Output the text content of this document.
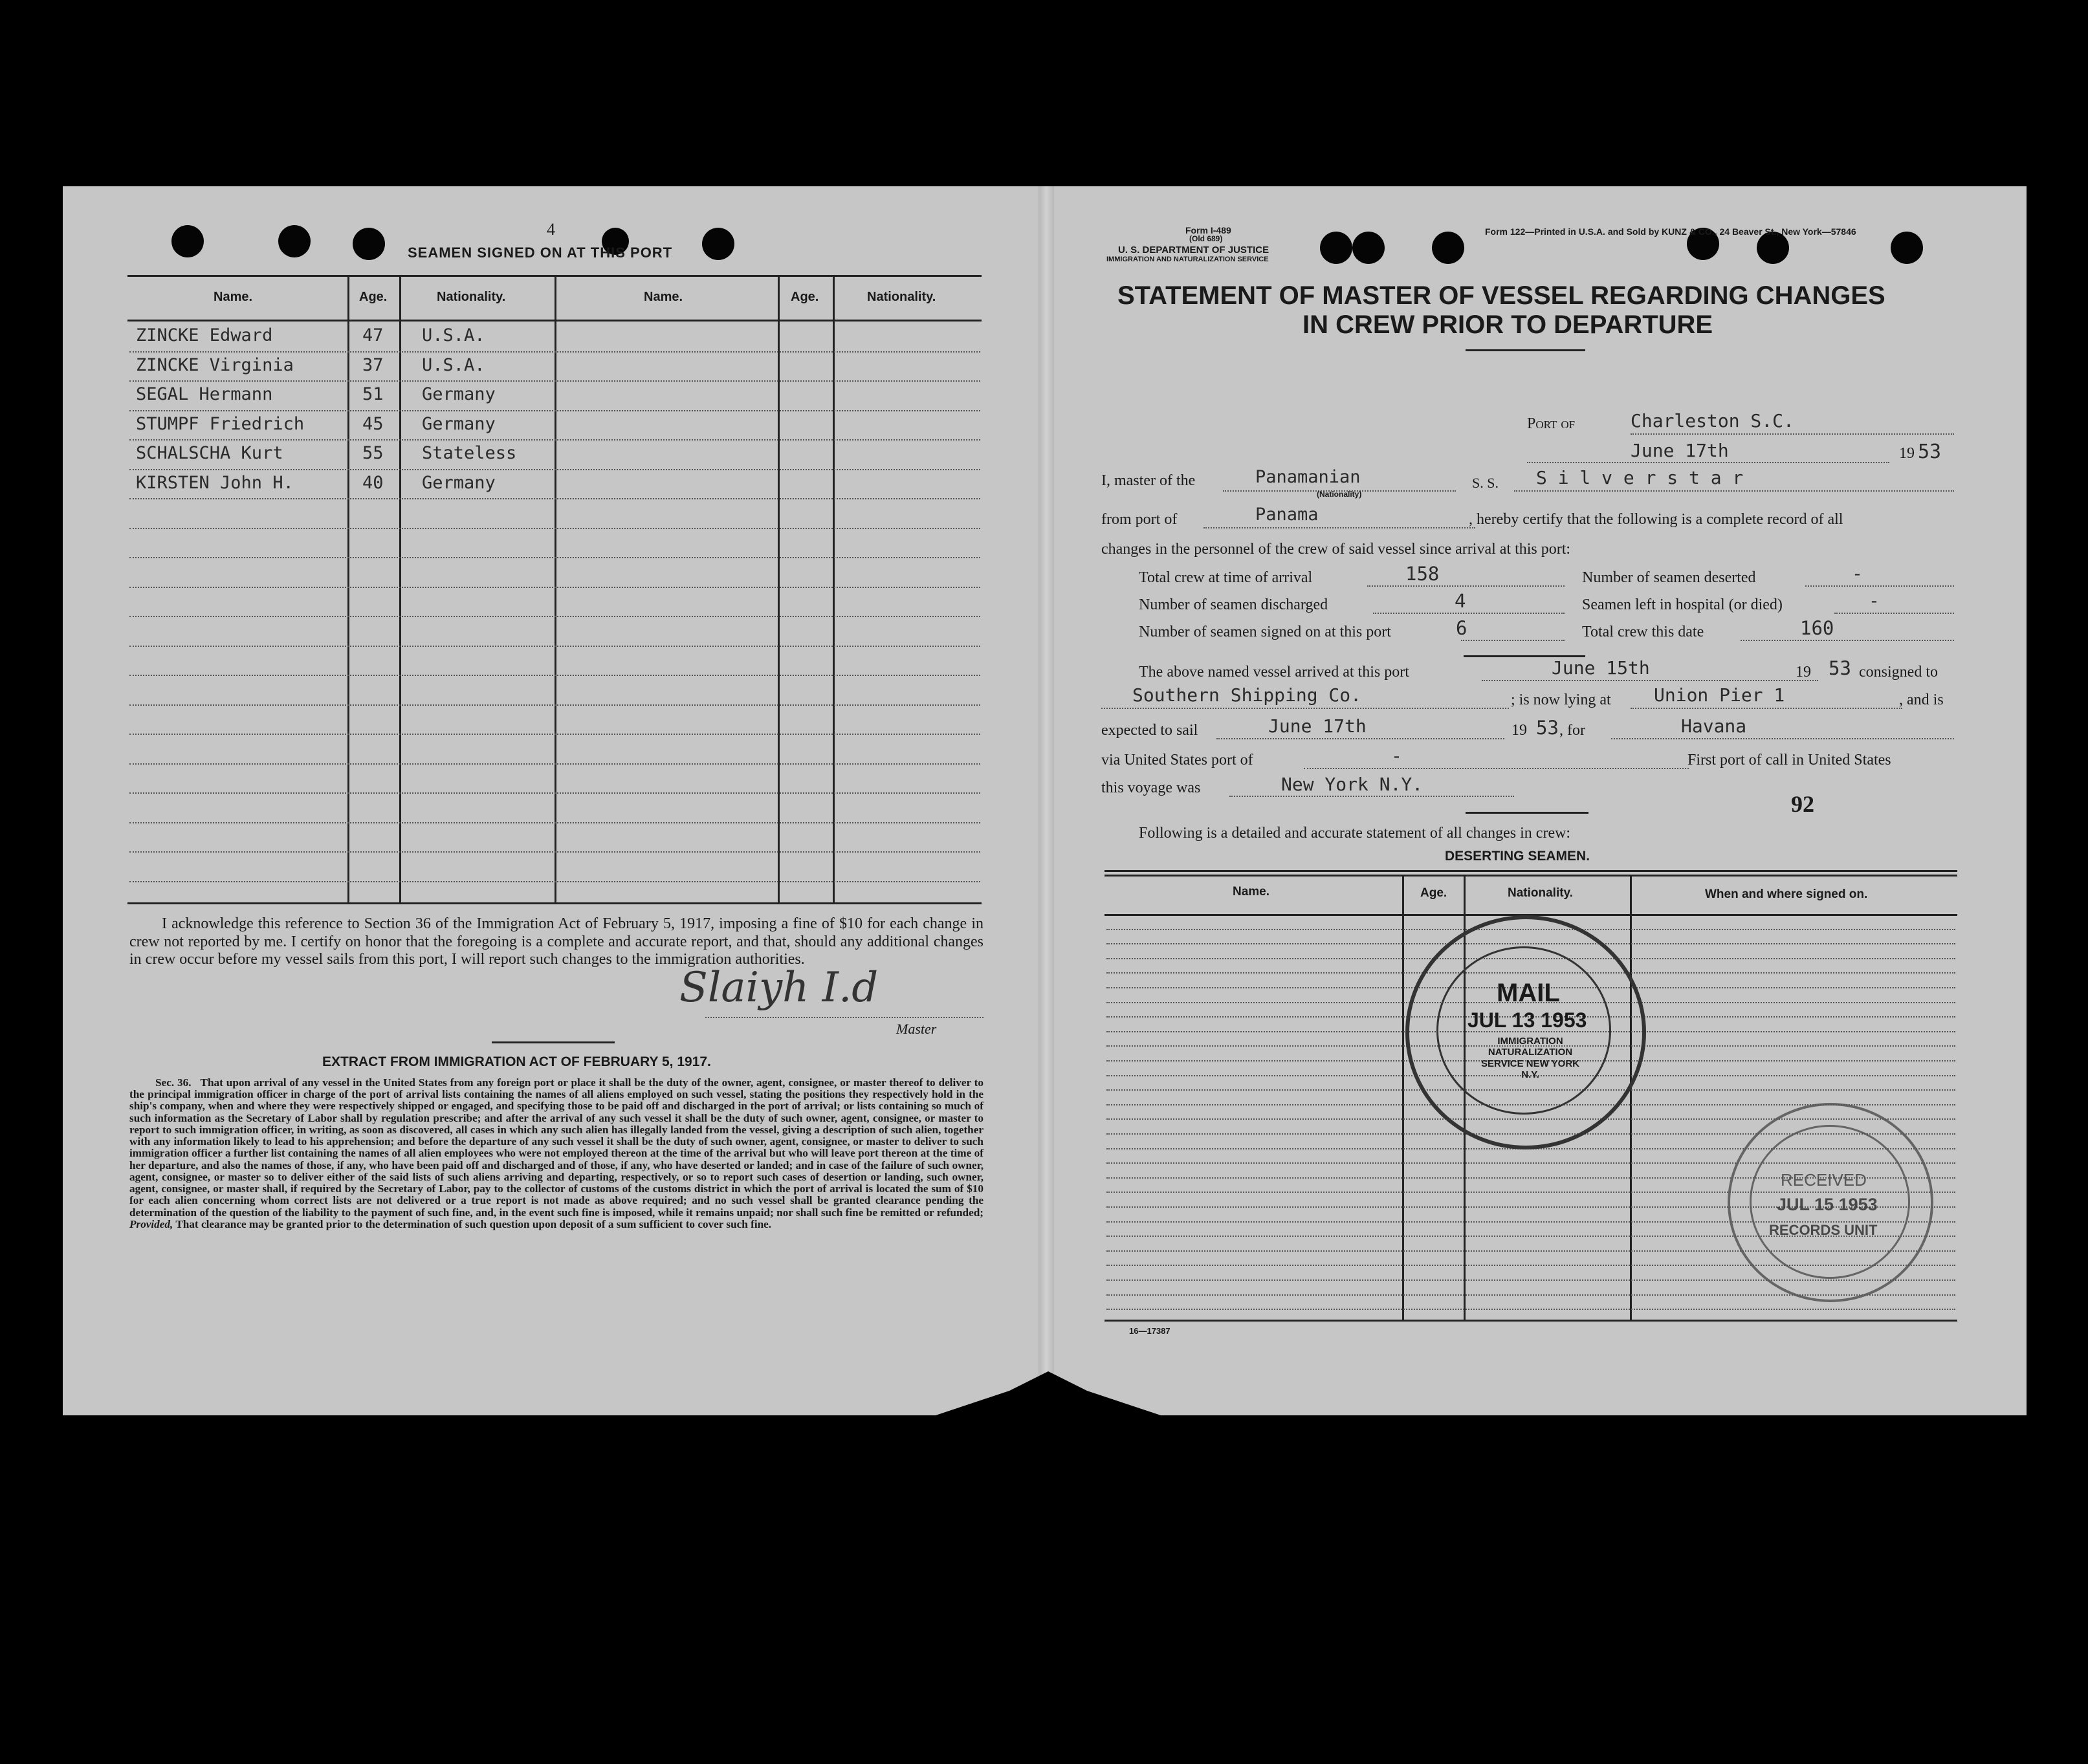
4
SEAMEN SIGNED ON AT THIS PORT
Name.	Age.	Nationality.	Name.	Age.	Nationality.
ZINCKE Edward	47 U.S.A.
ZINCKE Virginia	37 U.S.A.
SEGAL Hermann	51 Germany
STUMPF Friedrich	45 Germany
SCHALSCHA Kurt	55 Stateless
KIRSTEN John H.	40 Germany
I acknowledge this reference to Section 36 of the Immigration Act of February 5, 1917, imposing a fine of $10 for each change in crew not reported by me. I certify on honor that the foregoing is a complete and accurate report, and that, should any additional changes in crew occur before my vessel sails from this port, I will report such changes to the immigration authorities.
Slaiyh I.d
Master
EXTRACT FROM IMMIGRATION ACT OF FEBRUARY 5, 1917.
Sec. 36. That upon arrival of any vessel in the United States from any foreign port or place it shall be the duty of the owner, agent, consignee, or master thereof to deliver to the principal immigration officer in charge of the port of arrival lists containing the names of all aliens employed on such vessel, stating the positions they respectively hold in the ship's company, when and where they were respectively shipped or engaged, and specifying those to be paid off and discharged in the port of arrival; or lists containing so much of such information as the Secretary of Labor shall by regulation prescribe; and after the arrival of any such vessel it shall be the duty of such owner, agent, consignee, or master to report to such immigration officer, in writing, as soon as discovered, all cases in which any such alien has illegally landed from the vessel, giving a description of such alien, together with any information likely to lead to his apprehension; and before the departure of any such vessel it shall be the duty of such owner, agent, consignee, or master to deliver to such immigration officer a further list containing the names of all alien employees who were not employed thereon at the time of the arrival but who will leave port thereon at the time of her departure, and also the names of those, if any, who have been paid off and discharged and of those, if any, who have deserted or landed; and in case of the failure of such owner, agent, consignee, or master so to deliver either of the said lists of such aliens arriving and departing, respectively, or so to report such cases of desertion or landing, such owner, agent, consignee, or master shall, if required by the Secretary of Labor, pay to the collector of customs of the customs district in which the port of arrival is located the sum of $10 for each alien concerning whom correct lists are not delivered or a true report is not made as above required; and no such vessel shall be granted clearance pending the determination of the question of the liability to the payment of such fine, and, in the event such fine is imposed, while it remains unpaid; nor shall such fine be remitted or refunded; Provided, That clearance may be granted prior to the determination of such question upon deposit of a sum sufficient to cover such fine.
Form I-489
(Old 689)
U. S. DEPARTMENT OF JUSTICE
IMMIGRATION AND NATURALIZATION SERVICE
Form 122—Printed in U.S.A. and Sold by KUNZ & CO., 24 Beaver St., New York—57846
STATEMENT OF MASTER OF VESSEL REGARDING CHANGES
IN CREW PRIOR TO DEPARTURE
Port of	Charleston S.C.
June 17th	19 53
I, master of the	Panamanian
(Nationality)
S. S. S i l v e r s t a r
from port of	Panama	, hereby certify that the following is a complete record of all
changes in the personnel of the crew of said vessel since arrival at this port:
Total crew at time of arrival	158	Number of seamen deserted	-
Number of seamen discharged	4	Seamen left in hospital (or died)	-
Number of seamen signed on at this port	6	Total crew this date	160
The above named vessel arrived at this port	June 15th	19 53 consigned to
Southern Shipping Co.	; is now lying at Union Pier 1	, and is
expected to sail	June 17th	19 53 , for	Havana
via United States port of	-	First port of call in United States
this voyage was	New York N.Y.
92
Following is a detailed and accurate statement of all changes in crew:
DESERTING SEAMEN.
Name.	Age.	Nationality.	When and where signed on.
16—17387
MAIL
JUL 13 1953
IMMIGRATION NATURALIZATION SERVICE NEW YORK N.Y.
RECEIVED
JUL 15 1953
RECORDS UNIT
